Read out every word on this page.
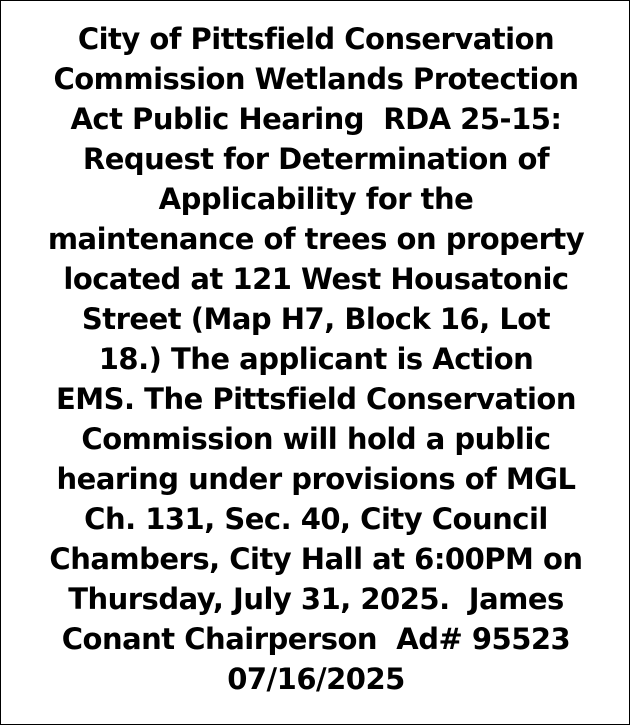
City of Pittsfield Conservation
Commission Wetlands Protection
Act Public Hearing  RDA 25-15:
Request for Determination of
Applicability for the
maintenance of trees on property
located at 121 West Housatonic
Street (Map H7, Block 16, Lot
18.) The applicant is Action
EMS. The Pittsfield Conservation
Commission will hold a public
hearing under provisions of MGL
Ch. 131, Sec. 40, City Council
Chambers, City Hall at 6:00PM on
Thursday, July 31, 2025.  James
Conant Chairperson  Ad# 95523
07/16/2025
